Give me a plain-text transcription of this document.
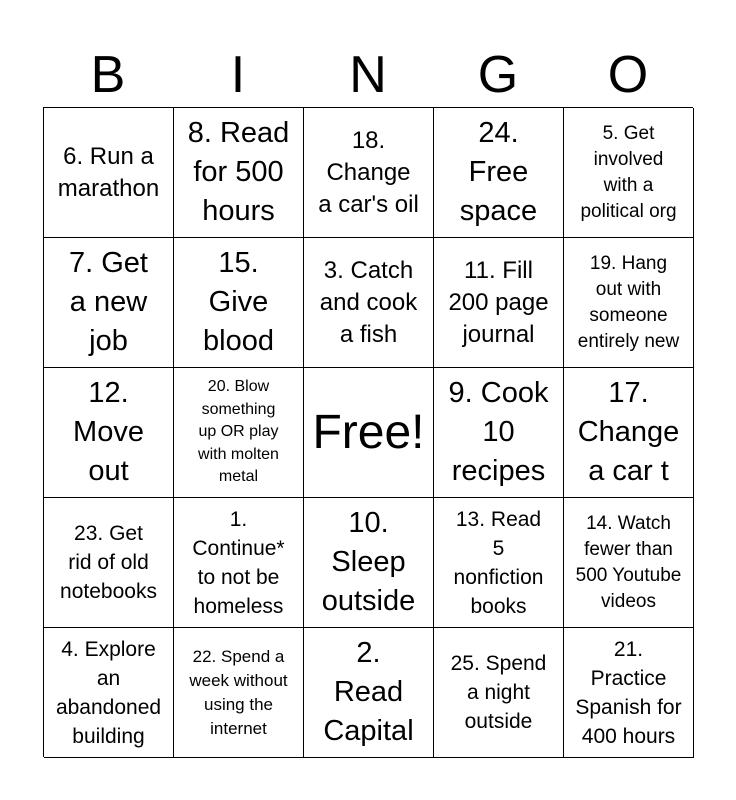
B	I	N	G	O
6. Run a
marathon
8. Read
for 500
hours
18.
Change
a car's oil
24.
Free
space
5. Get
involved
with a
political org
7. Get
a new
job
15.
Give
blood
3. Catch
and cook
a fish
11. Fill
200 page
journal
19. Hang
out with
someone
entirely new
12.
Move
out
20. Blow
something
up OR play
with molten
metal
Free!
9. Cook
10
recipes
17.
Change
a car t
23. Get
rid of old
notebooks
1.
Continue*
to not be
homeless
10.
Sleep
outside
13. Read
5
nonfiction
books
14. Watch
fewer than
500 Youtube
videos
4. Explore
an
abandoned
building
22. Spend a
week without
using the
internet
2.
Read
Capital
25. Spend
a night
outside
21.
Practice
Spanish for
400 hours
